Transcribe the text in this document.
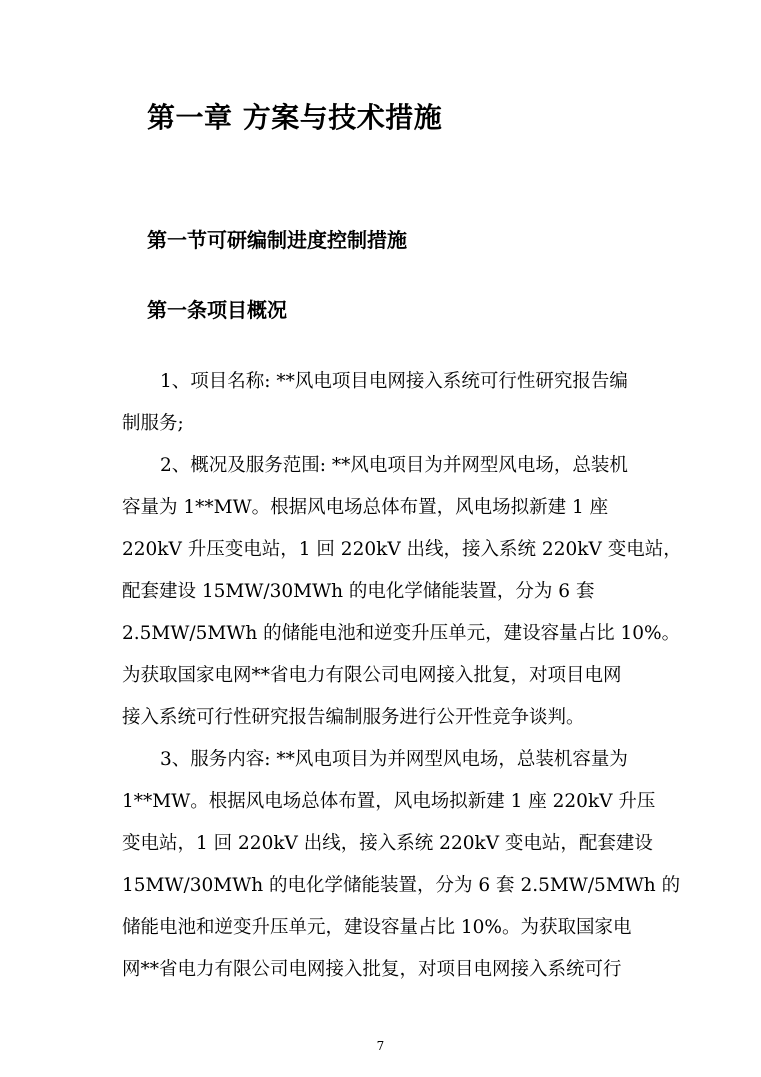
第一章 方案与技术措施
第一节可研编制进度控制措施
第一条项目概况

1、项目名称: **风电项目电网接入系统可行性研究报告编

制服务;

2、概况及服务范围: **风电项目为并网型风电场，总装机

容量为 1**MW。根据风电场总体布置，风电场拟新建 1 座

220kV 升压变电站，1 回 220kV 出线，接入系统 220kV 变电站，

配套建设 15MW/30MWh 的电化学储能装置，分为 6 套

2.5MW/5MWh 的储能电池和逆变升压单元，建设容量占比 10%。

为获取国家电网**省电力有限公司电网接入批复，对项目电网

接入系统可行性研究报告编制服务进行公开性竞争谈判。

3、服务内容: **风电项目为并网型风电场，总装机容量为

1**MW。根据风电场总体布置，风电场拟新建 1 座 220kV 升压

变电站，1 回 220kV 出线，接入系统 220kV 变电站，配套建设

15MW/30MWh 的电化学储能装置，分为 6 套 2.5MW/5MWh 的

储能电池和逆变升压单元，建设容量占比 10%。为获取国家电

网**省电力有限公司电网接入批复，对项目电网接入系统可行

7
